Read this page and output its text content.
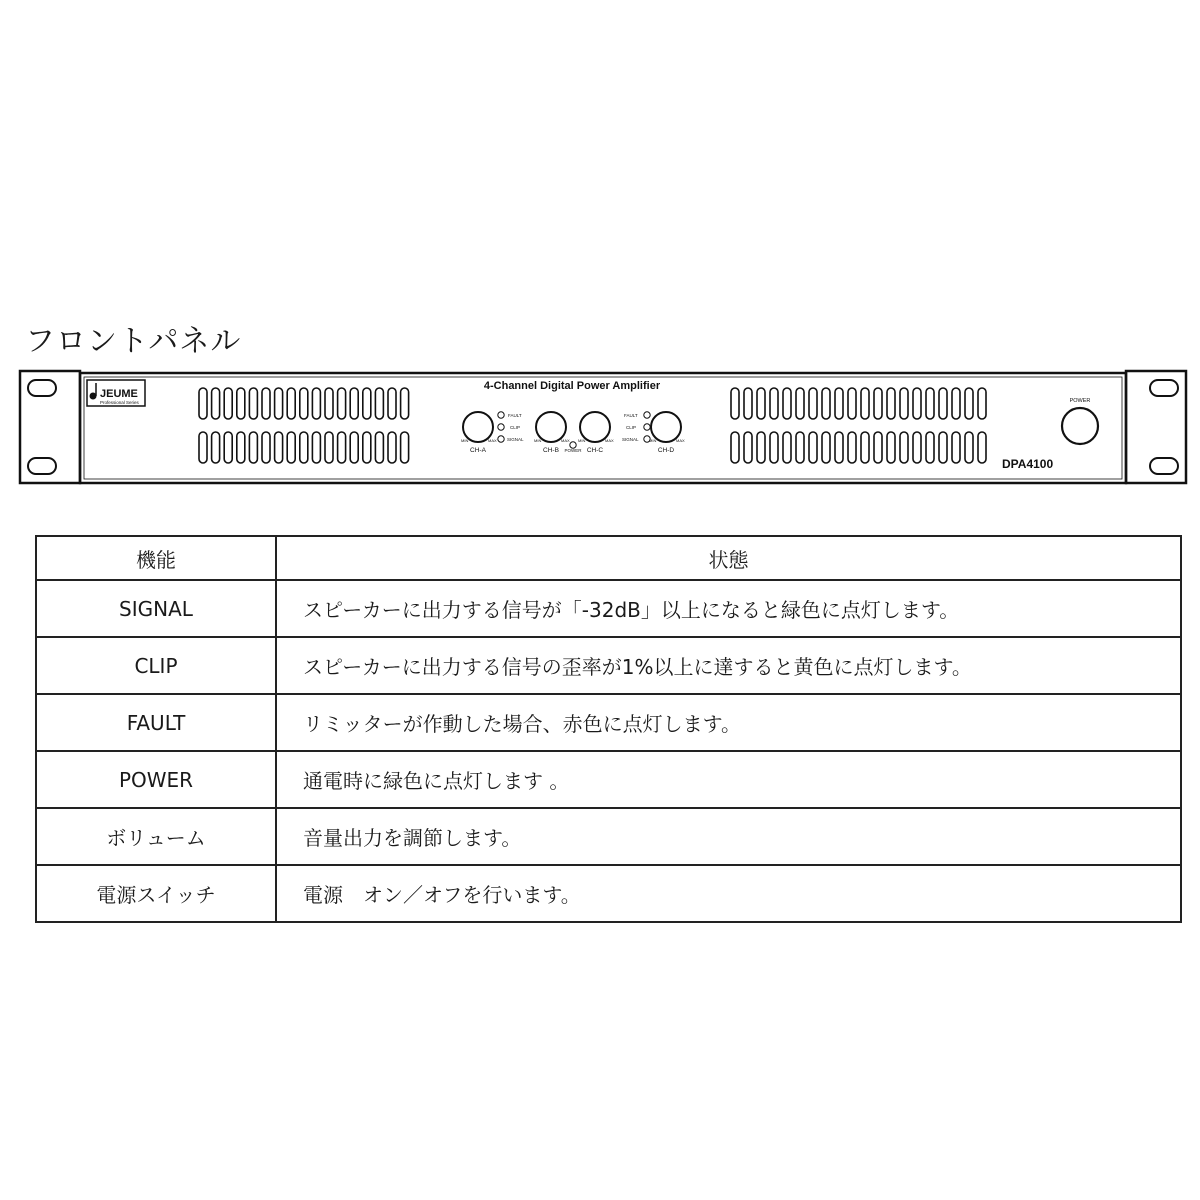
フロントパネル
JEUME
Professional Series
4-Channel Digital Power Amplifier
MIN	MAX
CH-A
MIN	MAX
CH-B
MIN	MAX
CH-C
MIN	MAX
CH-D
FAULT
CLIP
SIGNAL
POWER
FAULT
CLIP
SIGNAL
POWER
DPA4100
機能	状態
SIGNAL	スピーカーに出力する信号が「-32dB」以上になると緑色に点灯します。
CLIP	スピーカーに出力する信号の歪率が1%以上に達すると黄色に点灯します。
FAULT	リミッターが作動した場合、赤色に点灯します。
POWER	通電時に緑色に点灯します 。
ボリューム	音量出力を調節します。
電源スイッチ	電源　オン／オフを行います。
